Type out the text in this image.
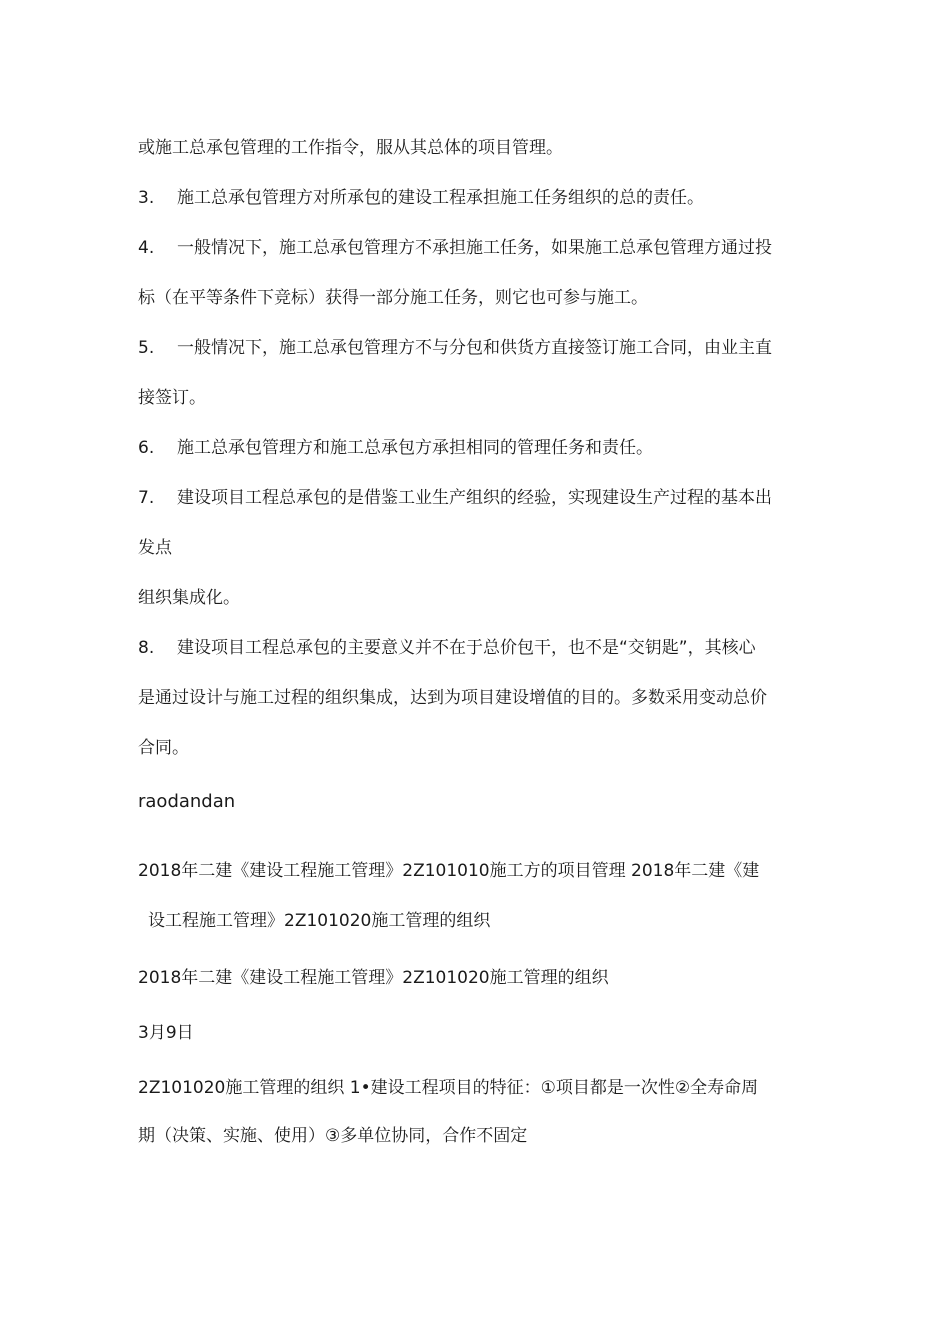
或施工总承包管理的工作指令，服从其总体的项目管理。
3. 施工总承包管理方对所承包的建设工程承担施工任务组织的总的责任。
4. 一般情况下，施工总承包管理方不承担施工任务，如果施工总承包管理方通过投
标（在平等条件下竞标）获得一部分施工任务，则它也可参与施工。
5. 一般情况下，施工总承包管理方不与分包和供货方直接签订施工合同，由业主直
接签订。
6. 施工总承包管理方和施工总承包方承担相同的管理任务和责任。
7. 建设项目工程总承包的是借鉴工业生产组织的经验，实现建设生产过程的基本出
发点
组织集成化。
8. 建设项目工程总承包的主要意义并不在于总价包干，也不是“交钥匙”，其核心
是通过设计与施工过程的组织集成，达到为项目建设增值的目的。多数采用变动总价
合同。
raodandan
2018年二建《建设工程施工管理》2Z101010施工方的项目管理 2018年二建《建
设工程施工管理》2Z101020施工管理的组织
2018年二建《建设工程施工管理》2Z101020施工管理的组织
3月9日
2Z101020施工管理的组织 1•建设工程项目的特征：①项目都是一次性②全寿命周
期（决策、实施、使用）③多单位协同，合作不固定
